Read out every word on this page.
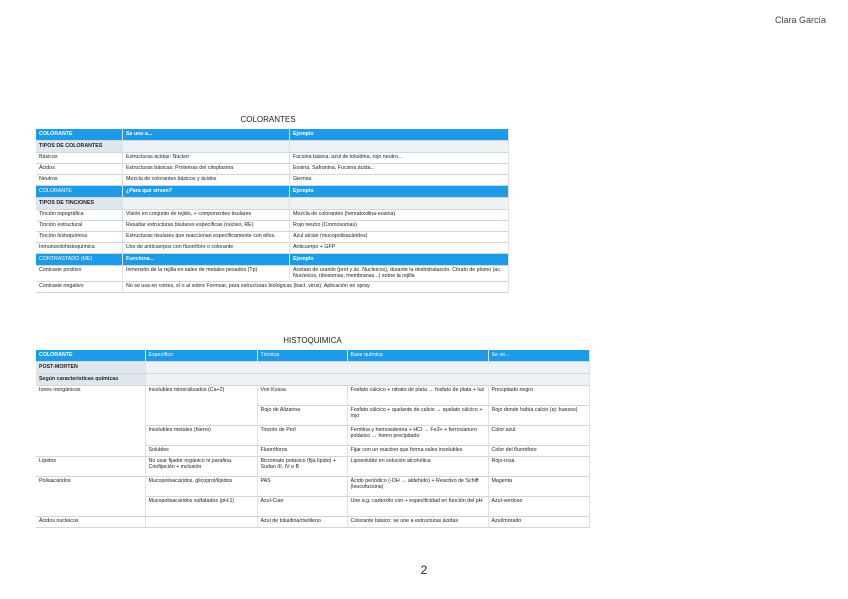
Clara García
COLORANTES
COLORANTE	Se une a...	Ejemplo
TIPOS DE COLORANTES		
Básicos	Estructuras ácidas: Núcleo	Fucsina básica, azul de toluidina, rojo neutro...
Ácidos	Estructuras básicas: Proteínas del citoplasma	Eosina, Safranina, Fucsina ácida...
Neutros	Mezcla de colorantes básicos y ácidos	Giemsa
COLORANTE	¿Para qué sirven?	Ejemplo
TIPOS DE TINCIONES		
Tinción topográfica	Visión en conjunto de tejido, + componentes tisulares	Mezcla de colorantes (hematoxilina-eosina)
Tinción estructural	Resaltar estructuras tisulares específicas (núcleo, RE)	Rojo neutro (Cromosomas)
Tinción histoquímica	Estructuras tisulares que reaccionan específicamente con ellos.	Azul alcian (mucopolisacáridos)
Inmunocitohistoquímica	Uso de anticuerpos con fluoróforo o colorante	Anticuerpo + GFP
CONTRASTADO (ME)	Funciona...	Ejemplo
Contraste positivo	Inmersión de la rejilla en sales de metales pesados (Tp)	Acetato de uranilo (prot y ác. Nucleicos), durante la deshidratación. Citrato de plomo (ac. Nucleicos, ribosomas, membranas...) sobre la rejilla
Contraste negativo	No se usa en cortes, sí o al sobre Formvar, para estructuras biológicas (bact. virus). Aplicación en spray	
HISTOQUIMICA
COLORANTE	Específico	Técnica	Base química	Se ve...
POST-MORTEN				
Según características químicas				
Iones inorgánicos	Insolubles mineralizados (Ca+2)	Von Kossa	Fosfato cálcico + nitrato de plata → fosfato de plata + luz	Precipitado negro
		Rojo de Alizarina	Fosfato cálcico + quelante de calcio → quelato cálcico + rojo	Rojo donde había calcio (ej: huesos)
	Insolubles metales (hierro)	Tinción de Perl	Ferritina y hemosiderina + HCl → Fe3+ + ferrocianuro potásico → hierro precipitado	Color azul
	Solubles	Fluoróforos	Fijar con un reactivo que forma sales insolubles	Color del fluoróforo
Lípidos	No usar fijador orgánico ni parafina. Criofijación + inclusión	Bicromato potásico (fija lípido) + Sudan III, IV o B	Liposoluble en solución alcohólica	Rojo-rosa
Polisacáridos	Mucopolisacáridos, glicoprot/lípidos	PAS	Ácido periódico (-OH → aldehído) + Reactivo de Schiff (leucofucsina)	Magenta
	Mucopolisacáridos sulfatados (pH:1)	Azul-Cian	Une a.g. carboxilo con + especificidad en función del pH	Azul-verdoso
Ácidos nucleicos		Azul de toluidina/metileno	Colorante básico: se une a estructuras ácidas	Azul/morado
2
